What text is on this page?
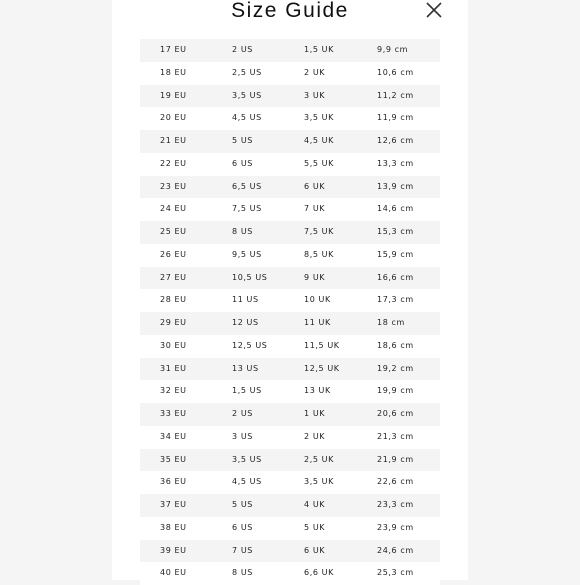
Size Guide
17 EU	2 US	1,5 UK	9,9 cm
18 EU	2,5 US	2 UK	10,6 cm
19 EU	3,5 US	3 UK	11,2 cm
20 EU	4,5 US	3,5 UK	11,9 cm
21 EU	5 US	4,5 UK	12,6 cm
22 EU	6 US	5,5 UK	13,3 cm
23 EU	6,5 US	6 UK	13,9 cm
24 EU	7,5 US	7 UK	14,6 cm
25 EU	8 US	7,5 UK	15,3 cm
26 EU	9,5 US	8,5 UK	15,9 cm
27 EU	10,5 US	9 UK	16,6 cm
28 EU	11 US	10 UK	17,3 cm
29 EU	12 US	11 UK	18 cm
30 EU	12,5 US	11,5 UK	18,6 cm
31 EU	13 US	12,5 UK	19,2 cm
32 EU	1,5 US	13 UK	19,9 cm
33 EU	2 US	1 UK	20,6 cm
34 EU	3 US	2 UK	21,3 cm
35 EU	3,5 US	2,5 UK	21,9 cm
36 EU	4,5 US	3,5 UK	22,6 cm
37 EU	5 US	4 UK	23,3 cm
38 EU	6 US	5 UK	23,9 cm
39 EU	7 US	6 UK	24,6 cm
40 EU	8 US	6,6 UK	25,3 cm
